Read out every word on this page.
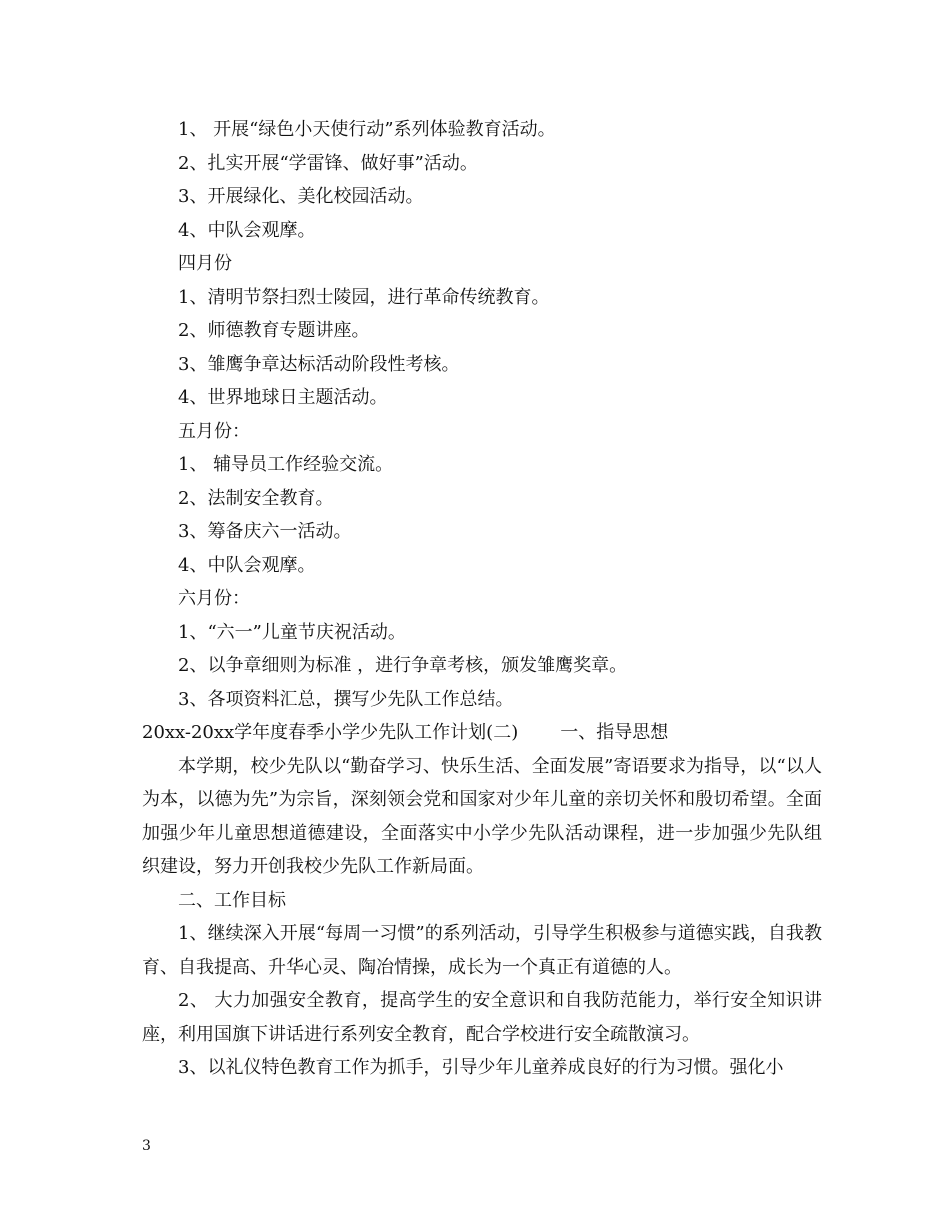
1、 开展“绿色小天使行动”系列体验教育活动。

2、扎实开展“学雷锋、做好事”活动。

3、开展绿化、美化校园活动。

4、中队会观摩。

四月份

1、清明节祭扫烈士陵园，进行革命传统教育。

2、师德教育专题讲座。

3、雏鹰争章达标活动阶段性考核。

4、世界地球日主题活动。

五月份：

1、 辅导员工作经验交流。

2、法制安全教育。

3、筹备庆六一活动。

4、中队会观摩。

六月份：

1、“六一”儿童节庆祝活动。

2、以争章细则为标准 ，进行争章考核，颁发雏鹰奖章。

3、各项资料汇总，撰写少先队工作总结。

20xx-20xx学年度春季小学少先队工作计划(二) 一、指导思想

本学期，校少先队以“勤奋学习、快乐生活、全面发展”寄语要求为指导，以“以人为本，以德为先”为宗旨，深刻领会党和国家对少年儿童的亲切关怀和殷切希望。全面加强少年儿童思想道德建设，全面落实中小学少先队活动课程，进一步加强少先队组织建设，努力开创我校少先队工作新局面。

二、工作目标

1、继续深入开展“每周一习惯”的系列活动，引导学生积极参与道德实践，自我教育、自我提高、升华心灵、陶冶情操，成长为一个真正有道德的人。

2、 大力加强安全教育，提高学生的安全意识和自我防范能力，举行安全知识讲座，利用国旗下讲话进行系列安全教育，配合学校进行安全疏散演习。

3、以礼仪特色教育工作为抓手，引导少年儿童养成良好的行为习惯。强化小

3
